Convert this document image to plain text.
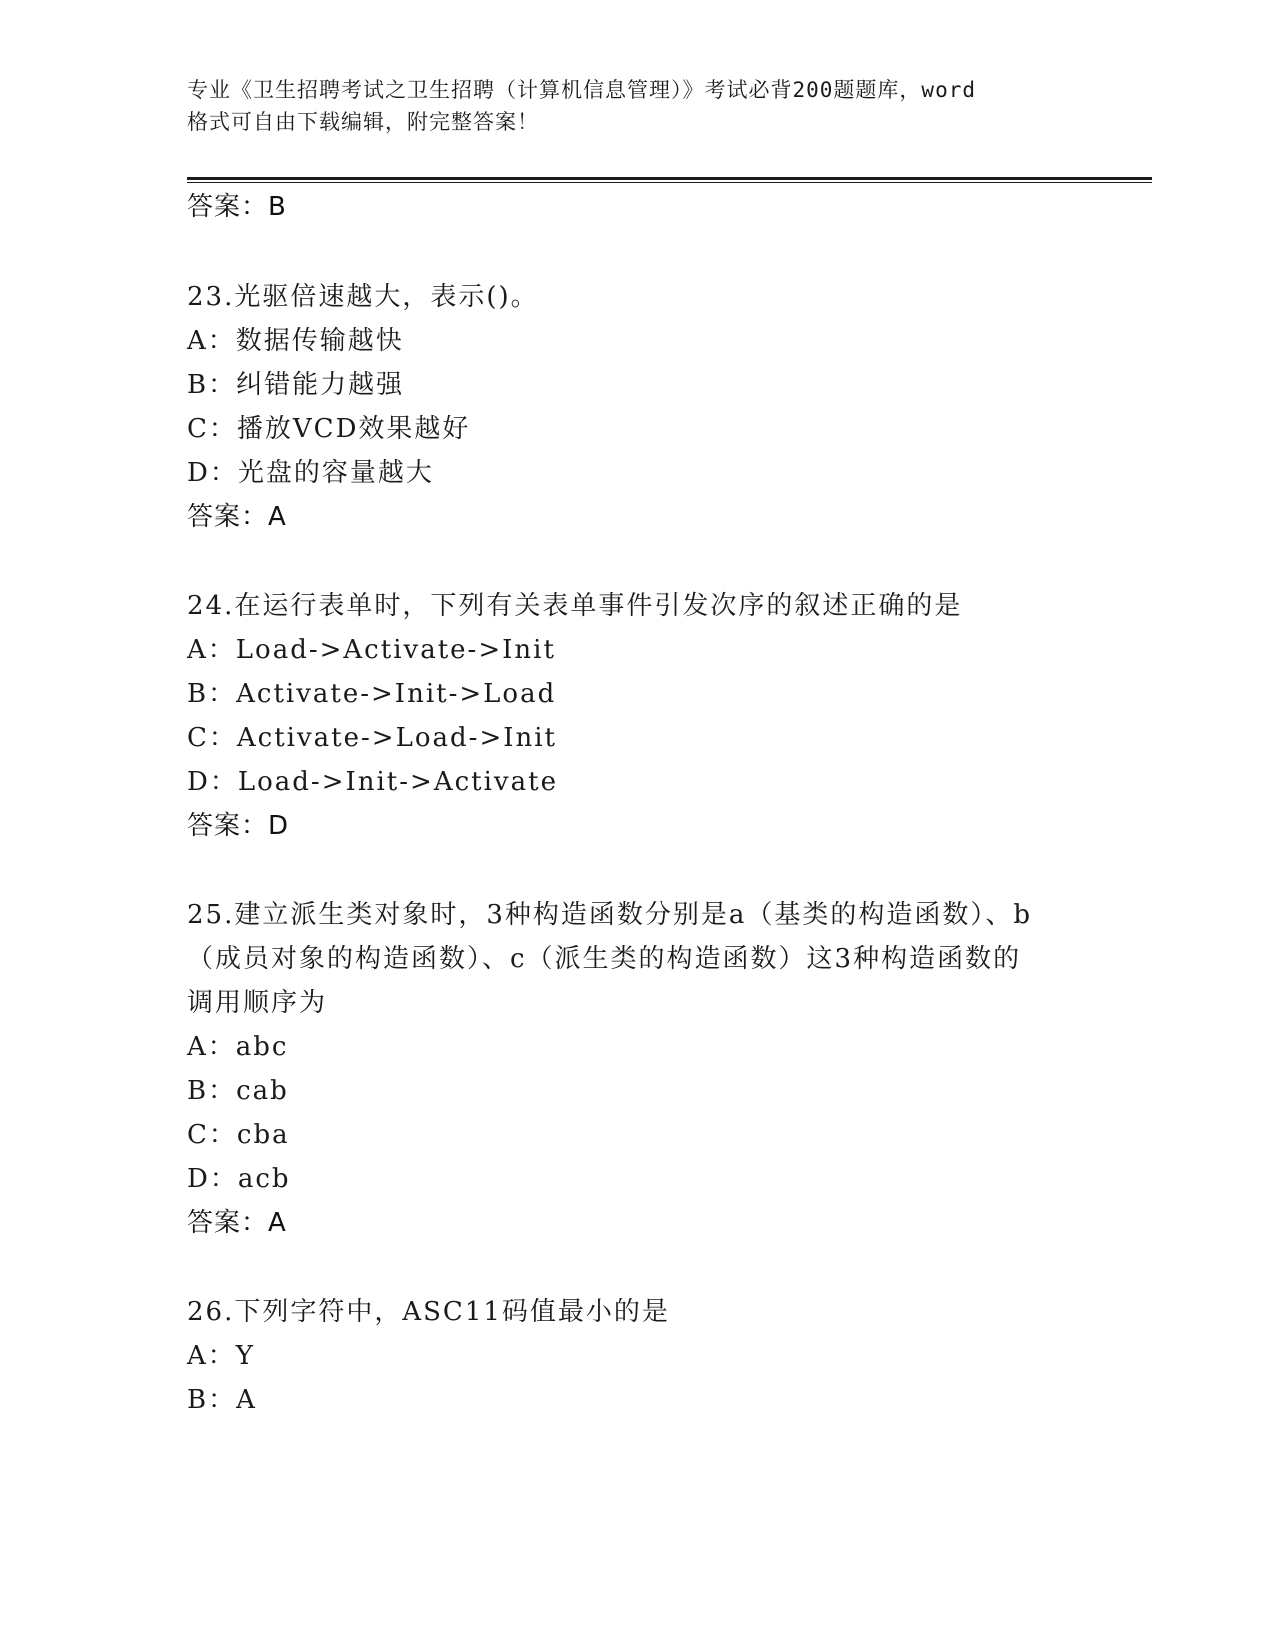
专业《卫生招聘考试之卫生招聘（计算机信息管理）》考试必背200题题库，word
格式可自由下载编辑，附完整答案！
答案：B
23.光驱倍速越大，表示()。
A：数据传输越快
B：纠错能力越强
C：播放VCD效果越好
D：光盘的容量越大
答案：A
24.在运行表单时，下列有关表单事件引发次序的叙述正确的是
A：Load->Activate->Init
B：Activate->Init->Load
C：Activate->Load->Init
D：Load->Init->Activate
答案：D
25.建立派生类对象时，3种构造函数分别是a（基类的构造函数）、b
（成员对象的构造函数）、c（派生类的构造函数）这3种构造函数的
调用顺序为
A：abc
B：cab
C：cba
D：acb
答案：A
26.下列字符中，ASC11码值最小的是
A：Y
B：A
